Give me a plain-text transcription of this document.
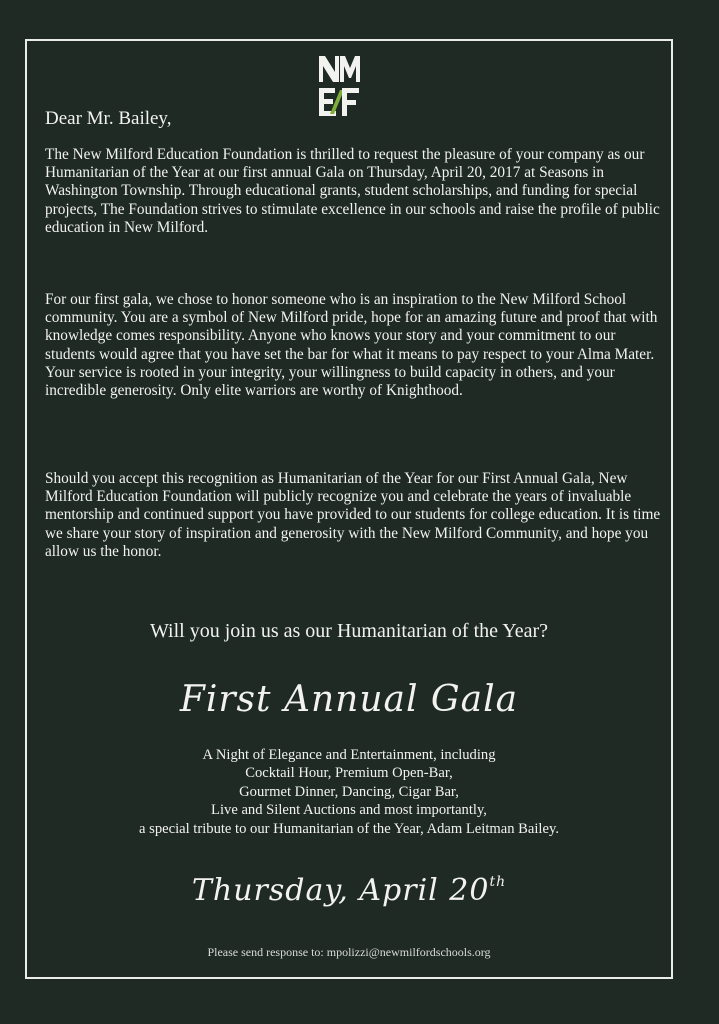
Dear Mr. Bailey,
The New Milford Education Foundation is thrilled to request the pleasure of your company as our Humanitarian of the Year at our first annual Gala on Thursday, April 20, 2017 at Seasons in Washington Township. Through educational grants, student scholarships, and funding for special projects, The Foundation strives to stimulate excellence in our schools and raise the profile of public education in New Milford.
For our first gala, we chose to honor someone who is an inspiration to the New Milford School community. You are a symbol of New Milford pride, hope for an amazing future and proof that with knowledge comes responsibility. Anyone who knows your story and your commitment to our students would agree that you have set the bar for what it means to pay respect to your Alma Mater. Your service is rooted in your integrity, your willingness to build capacity in others, and your incredible generosity. Only elite warriors are worthy of Knighthood.
Should you accept this recognition as Humanitarian of the Year for our First Annual Gala, New Milford Education Foundation will publicly recognize you and celebrate the years of invaluable mentorship and continued support you have provided to our students for college education. It is time we share your story of inspiration and generosity with the New Milford Community, and hope you allow us the honor.
Will you join us as our Humanitarian of the Year?
First Annual Gala
A Night of Elegance and Entertainment, including
Cocktail Hour, Premium Open-Bar,
Gourmet Dinner, Dancing, Cigar Bar,
Live and Silent Auctions and most importantly,
a special tribute to our Humanitarian of the Year, Adam Leitman Bailey.
Thursday, April 20th
Please send response to: mpolizzi@newmilfordschools.org
